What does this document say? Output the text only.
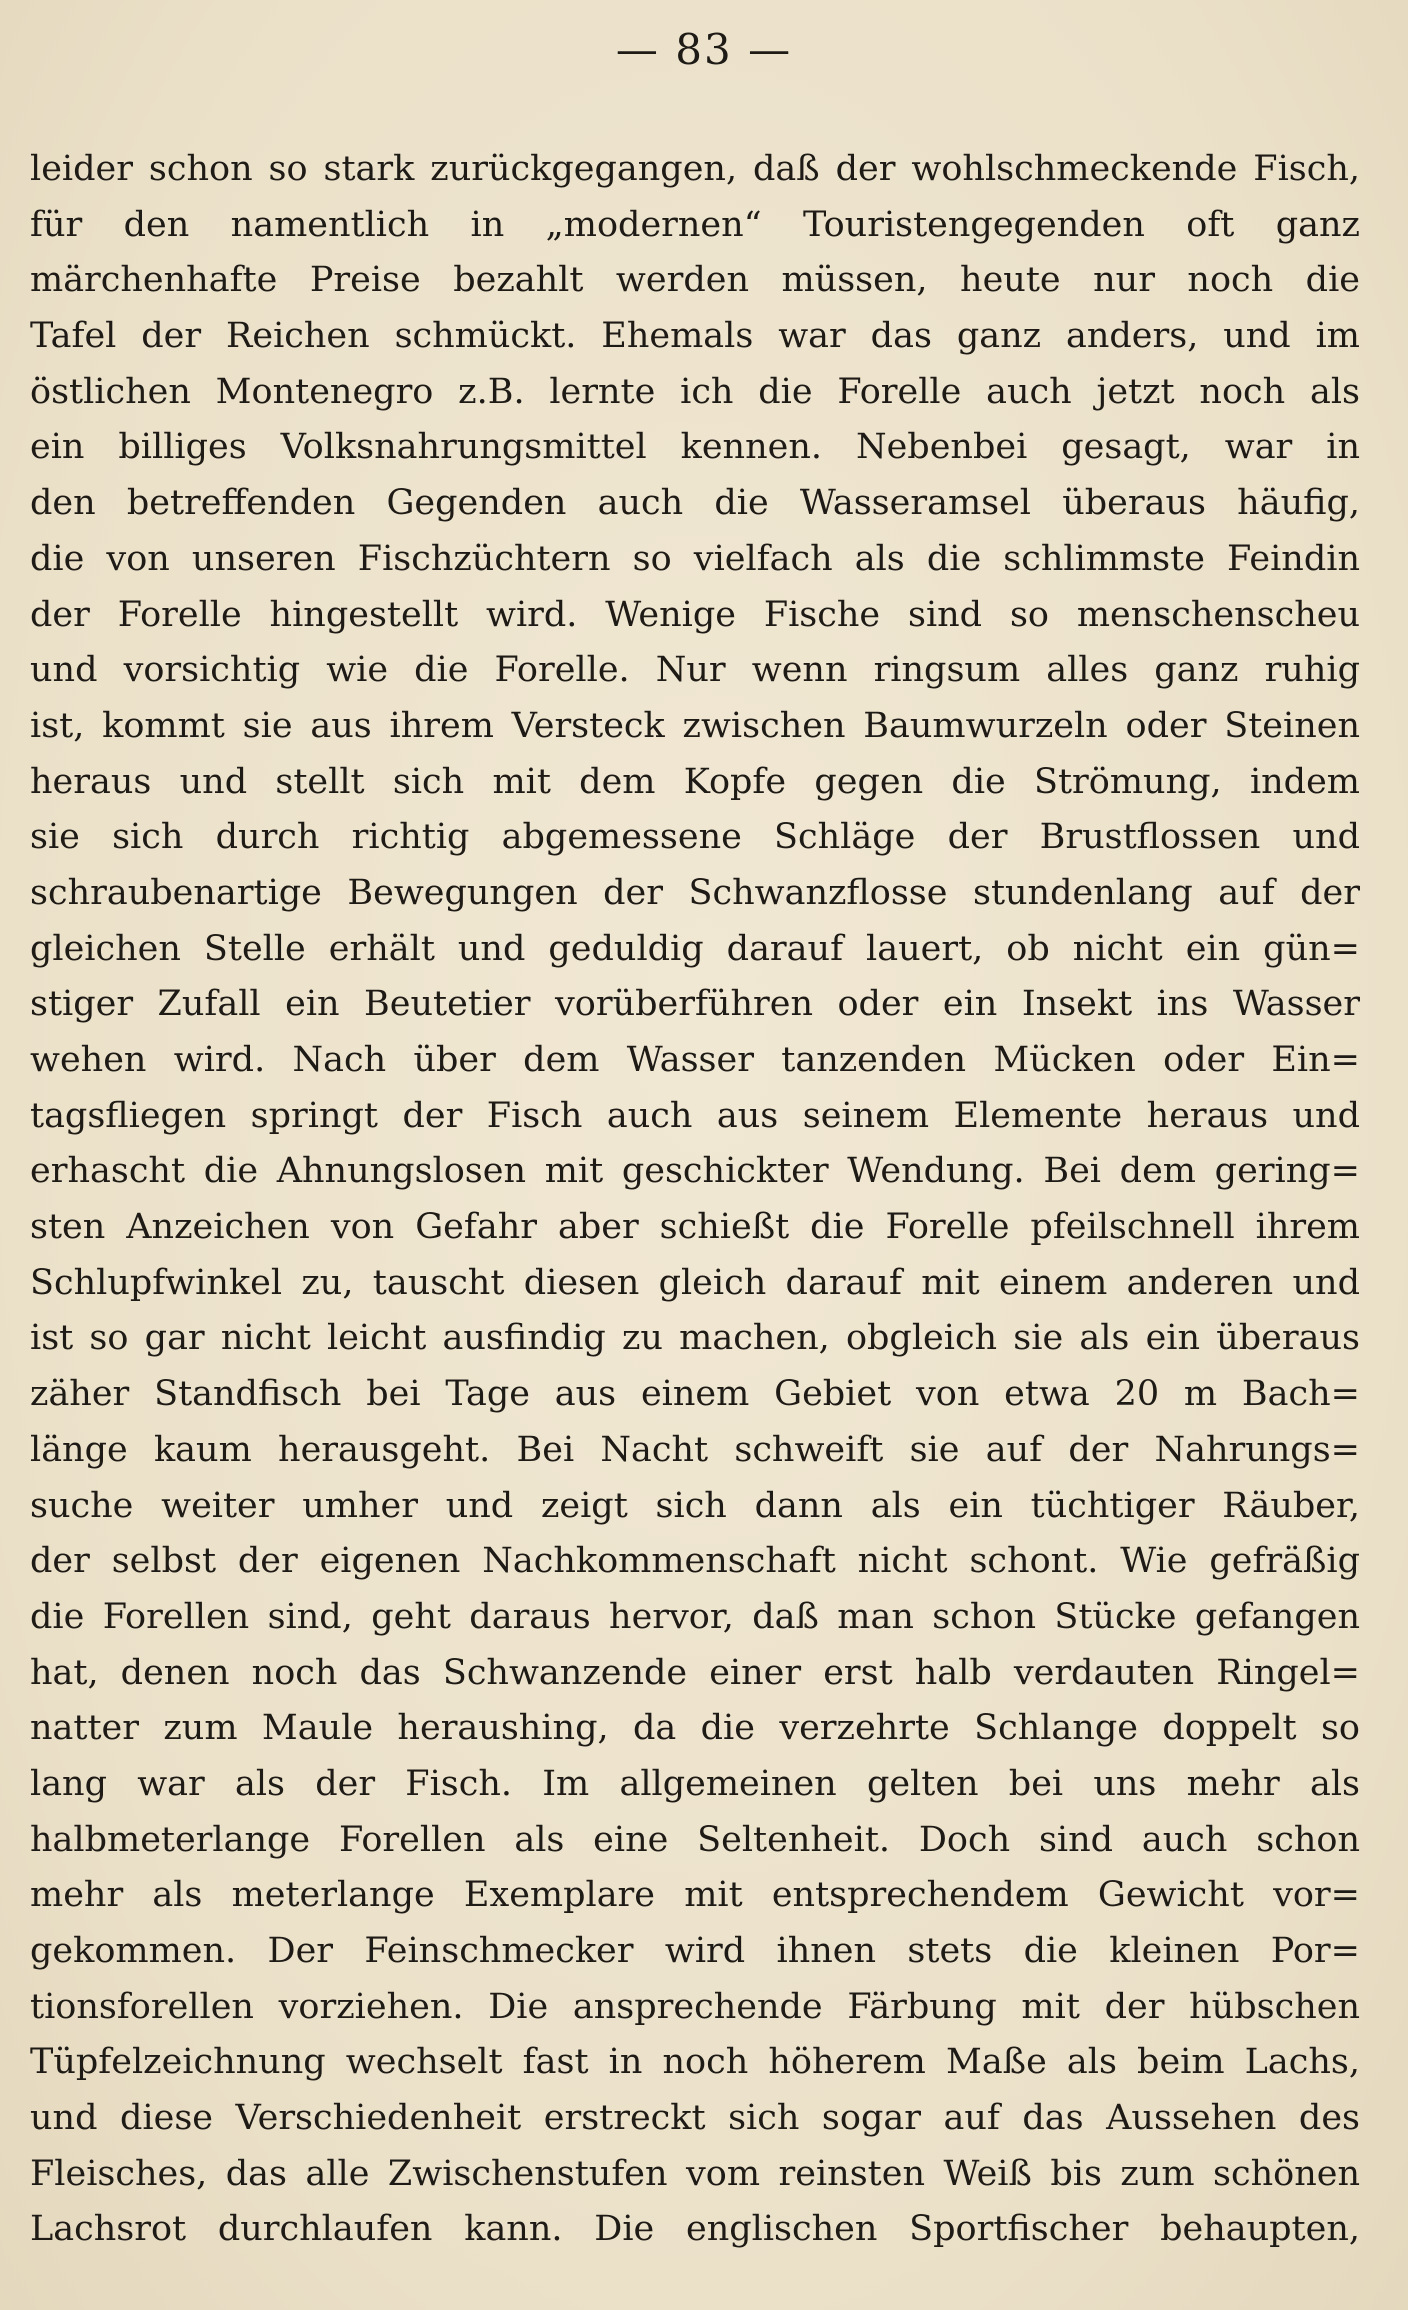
— 83 —
leider schon so stark zurückgegangen, daß der wohlschmeckende Fisch,
für den namentlich in „modernen“ Touristengegenden oft ganz
märchenhafte Preise bezahlt werden müssen, heute nur noch die
Tafel der Reichen schmückt. Ehemals war das ganz anders, und im
östlichen Montenegro z.B. lernte ich die Forelle auch jetzt noch als
ein billiges Volksnahrungsmittel kennen. Nebenbei gesagt, war in
den betreffenden Gegenden auch die Wasseramsel überaus häufig,
die von unseren Fischzüchtern so vielfach als die schlimmste Feindin
der Forelle hingestellt wird. Wenige Fische sind so menschenscheu
und vorsichtig wie die Forelle. Nur wenn ringsum alles ganz ruhig
ist, kommt sie aus ihrem Versteck zwischen Baumwurzeln oder Steinen
heraus und stellt sich mit dem Kopfe gegen die Strömung, indem
sie sich durch richtig abgemessene Schläge der Brustflossen und
schraubenartige Bewegungen der Schwanzflosse stundenlang auf der
gleichen Stelle erhält und geduldig darauf lauert, ob nicht ein gün=
stiger Zufall ein Beutetier vorüberführen oder ein Insekt ins Wasser
wehen wird. Nach über dem Wasser tanzenden Mücken oder Ein=
tagsfliegen springt der Fisch auch aus seinem Elemente heraus und
erhascht die Ahnungslosen mit geschickter Wendung. Bei dem gering=
sten Anzeichen von Gefahr aber schießt die Forelle pfeilschnell ihrem
Schlupfwinkel zu, tauscht diesen gleich darauf mit einem anderen und
ist so gar nicht leicht ausfindig zu machen, obgleich sie als ein überaus
zäher Standfisch bei Tage aus einem Gebiet von etwa 20 m Bach=
länge kaum herausgeht. Bei Nacht schweift sie auf der Nahrungs=
suche weiter umher und zeigt sich dann als ein tüchtiger Räuber,
der selbst der eigenen Nachkommenschaft nicht schont. Wie gefräßig
die Forellen sind, geht daraus hervor, daß man schon Stücke gefangen
hat, denen noch das Schwanzende einer erst halb verdauten Ringel=
natter zum Maule heraushing, da die verzehrte Schlange doppelt so
lang war als der Fisch. Im allgemeinen gelten bei uns mehr als
halbmeterlange Forellen als eine Seltenheit. Doch sind auch schon
mehr als meterlange Exemplare mit entsprechendem Gewicht vor=
gekommen. Der Feinschmecker wird ihnen stets die kleinen Por=
tionsforellen vorziehen. Die ansprechende Färbung mit der hübschen
Tüpfelzeichnung wechselt fast in noch höherem Maße als beim Lachs,
und diese Verschiedenheit erstreckt sich sogar auf das Aussehen des
Fleisches, das alle Zwischenstufen vom reinsten Weiß bis zum schönen
Lachsrot durchlaufen kann. Die englischen Sportfischer behaupten,
